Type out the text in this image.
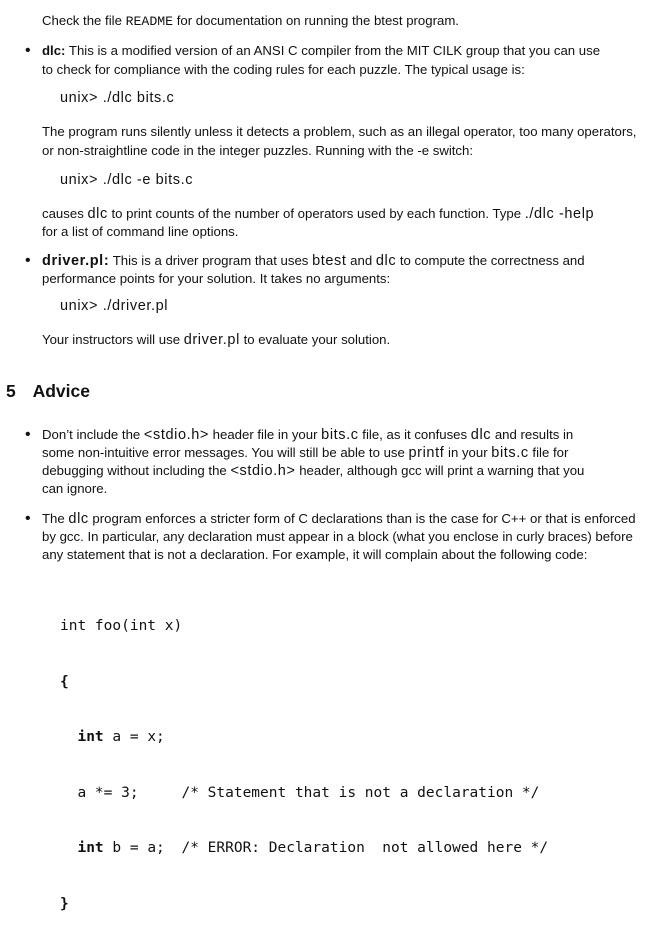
Check the file README for documentation on running the btest program.
• dlc: This is a modified version of an ANSI C compiler from the MIT CILK group that you can use
to check for compliance with the coding rules for each puzzle. The typical usage is:
unix> ./dlc bits.c
The program runs silently unless it detects a problem, such as an illegal operator, too many operators,
or non-straightline code in the integer puzzles. Running with the -e switch:
unix> ./dlc -e bits.c
causes dlc to print counts of the number of operators used by each function. Type ./dlc -help
for a list of command line options.
• driver.pl: This is a driver program that uses btest and dlc to compute the correctness and
performance points for your solution. It takes no arguments:
unix> ./driver.pl
Your instructors will use driver.pl to evaluate your solution.
5 Advice
• Don’t include the <stdio.h> header file in your bits.c file, as it confuses dlc and results in
some non-intuitive error messages. You will still be able to use printf in your bits.c file for
debugging without including the <stdio.h> header, although gcc will print a warning that you
can ignore.
• The dlc program enforces a stricter form of C declarations than is the case for C++ or that is enforced
by gcc. In particular, any declaration must appear in a block (what you enclose in curly braces) before
any statement that is not a declaration. For example, it will complain about the following code:

int foo(int x)

{

int a = x;

a *= 3;	/* Statement that is not a declaration */

int b = a; /* ERROR: Declaration  not allowed here */

}
